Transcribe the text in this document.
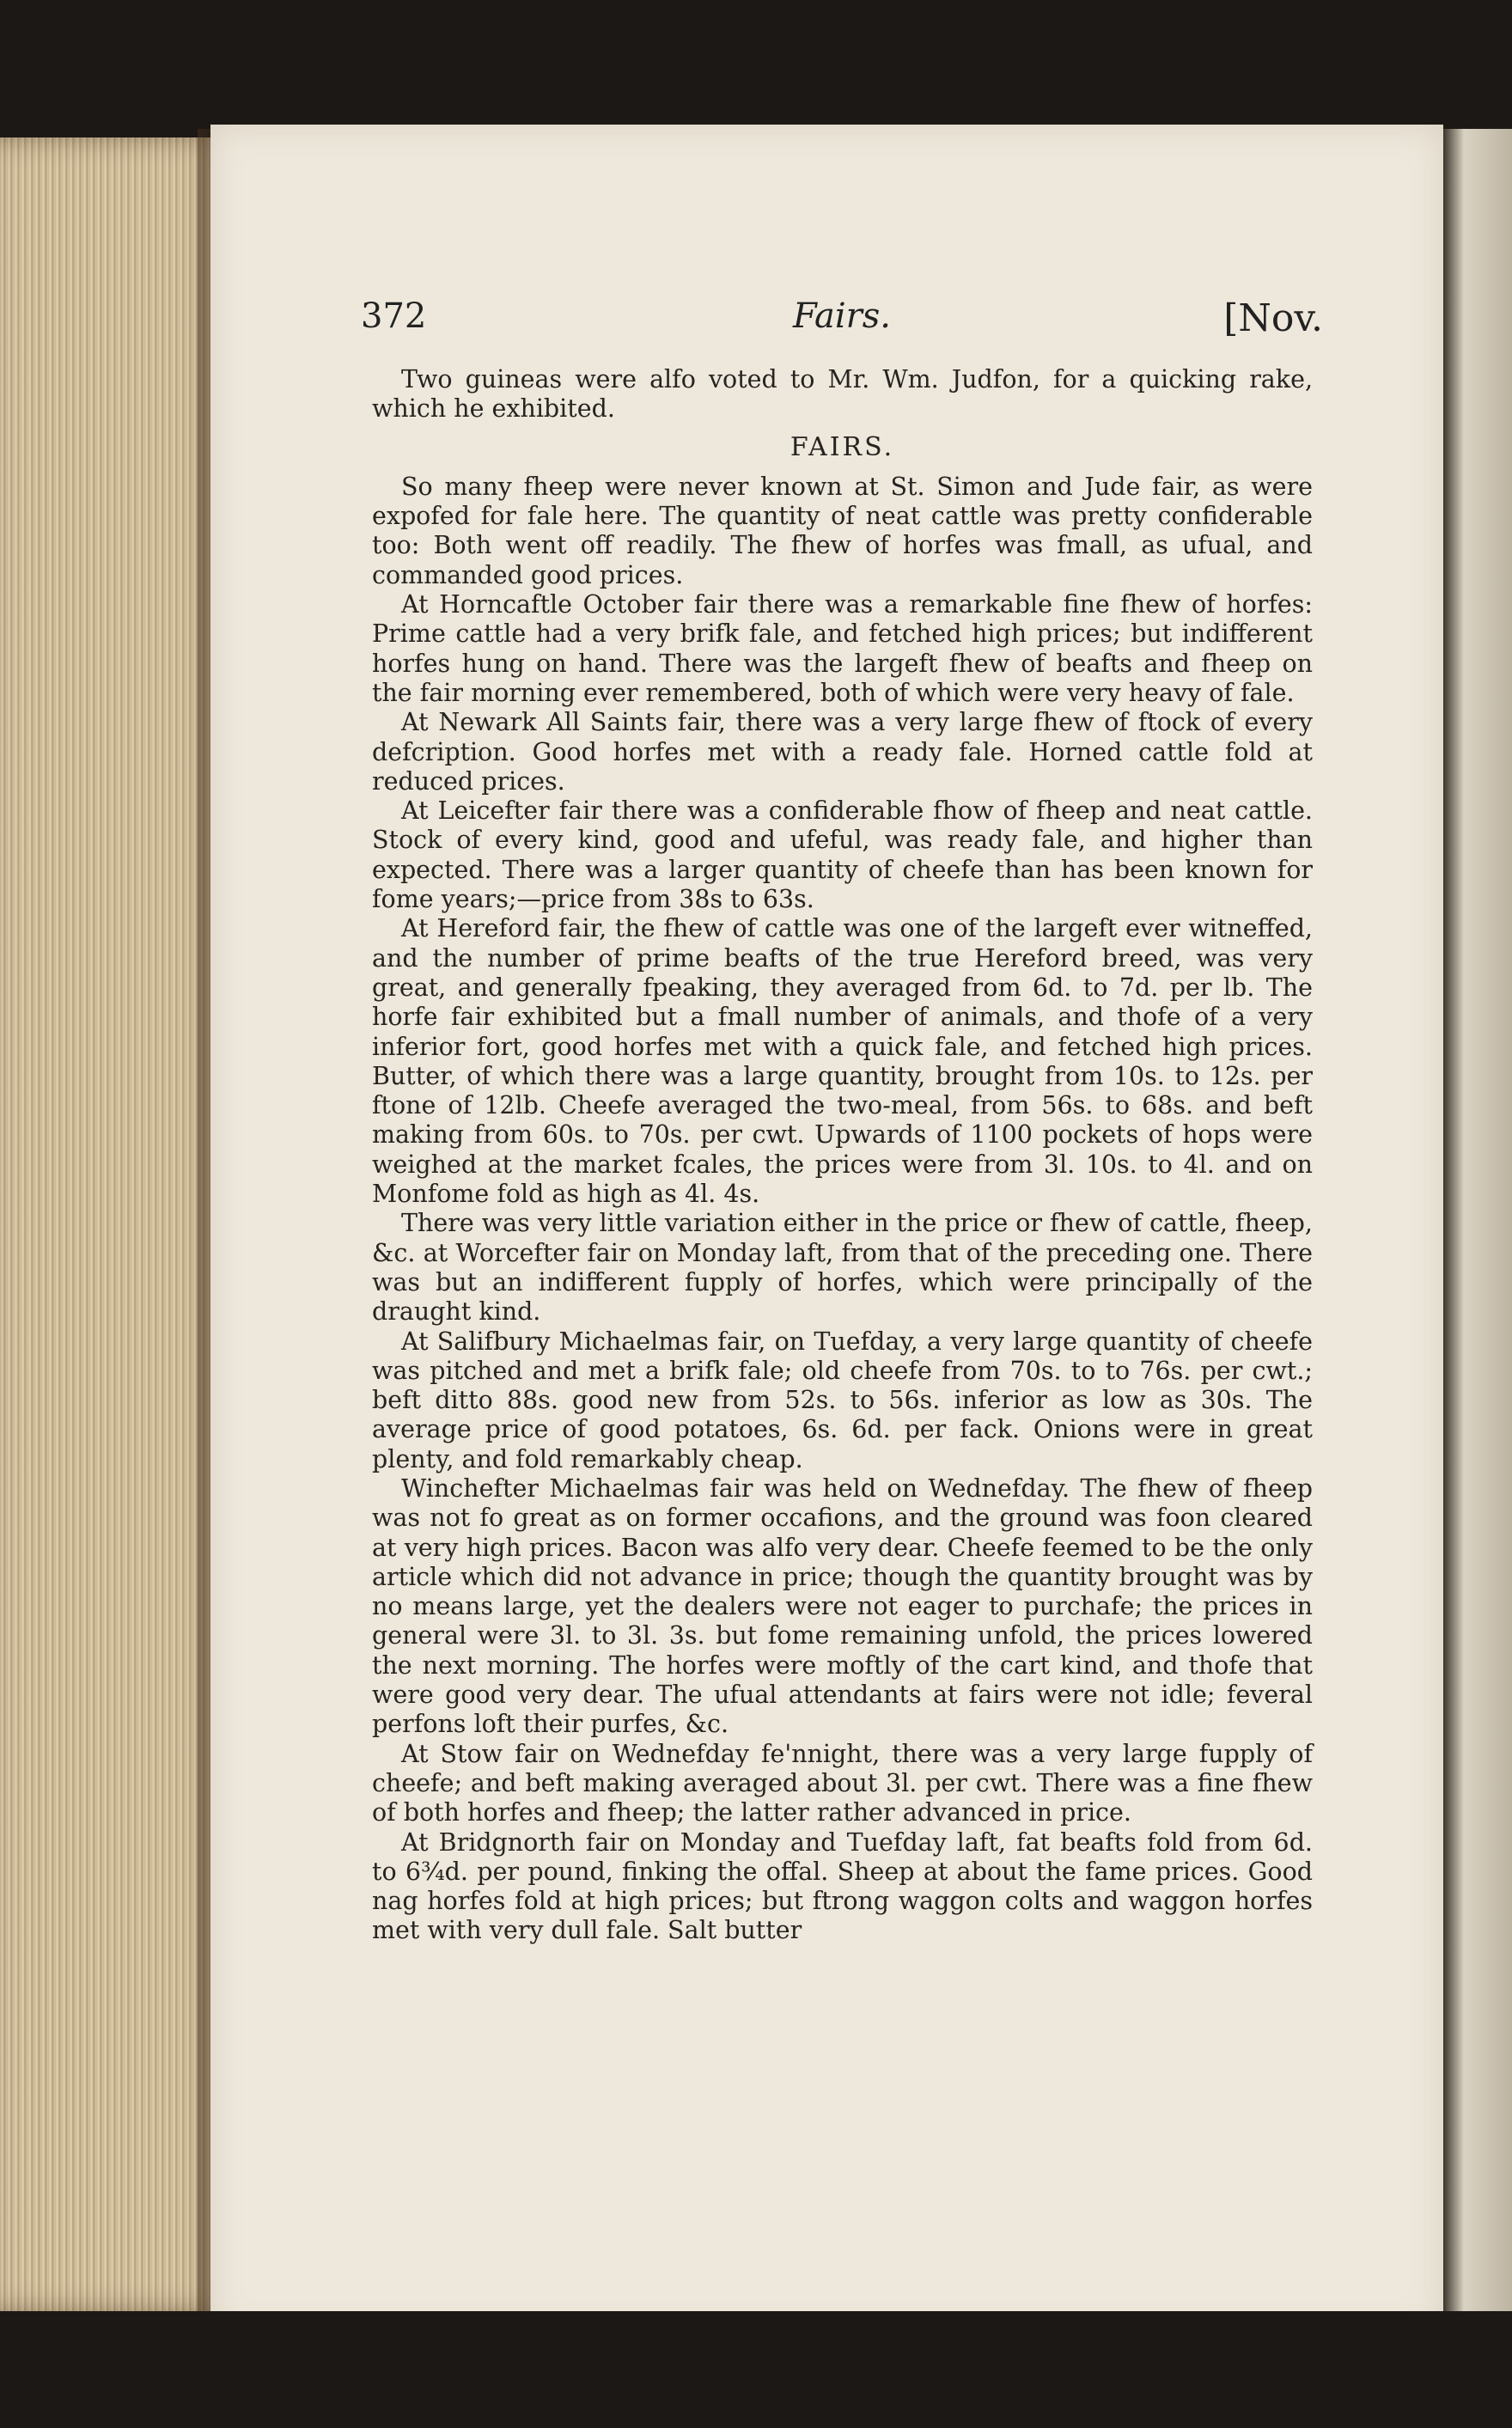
372	Fairs.	[Nov.

Two guineas were alfo voted to Mr. Wm. Judfon, for a quicking rake, which he exhibited.

FAIRS.

So many fheep were never known at St. Simon and Jude fair, as were expofed for fale here. The quantity of neat cattle was pretty confiderable too: Both went off readily. The fhew of horfes was fmall, as ufual, and commanded good prices.

At Horncaftle October fair there was a remarkable fine fhew of horfes: Prime cattle had a very brifk fale, and fetched high prices; but indifferent horfes hung on hand. There was the largeft fhew of beafts and fheep on the fair morning ever remembered, both of which were very heavy of fale.

At Newark All Saints fair, there was a very large fhew of ftock of every defcription. Good horfes met with a ready fale. Horned cattle fold at reduced prices.

At Leicefter fair there was a confiderable fhow of fheep and neat cattle. Stock of every kind, good and ufeful, was ready fale, and higher than expected. There was a larger quantity of cheefe than has been known for fome years;—price from 38s to 63s.

At Hereford fair, the fhew of cattle was one of the largeft ever witneffed, and the number of prime beafts of the true Hereford breed, was very great, and generally fpeaking, they averaged from 6d. to 7d. per lb. The horfe fair exhibited but a fmall number of animals, and thofe of a very inferior fort, good horfes met with a quick fale, and fetched high prices. Butter, of which there was a large quantity, brought from 10s. to 12s. per ftone of 12lb. Cheefe averaged the two-meal, from 56s. to 68s. and beft making from 60s. to 70s. per cwt. Upwards of 1100 pockets of hops were weighed at the market fcales, the prices were from 3l. 10s. to 4l. and on Monfome fold as high as 4l. 4s.

There was very little variation either in the price or fhew of cattle, fheep, &c. at Worcefter fair on Monday laft, from that of the preceding one. There was but an indifferent fupply of horfes, which were principally of the draught kind.

At Salifbury Michaelmas fair, on Tuefday, a very large quantity of cheefe was pitched and met a brifk fale; old cheefe from 70s. to to 76s. per cwt.; beft ditto 88s. good new from 52s. to 56s. inferior as low as 30s. The average price of good potatoes, 6s. 6d. per fack. Onions were in great plenty, and fold remarkably cheap.

Winchefter Michaelmas fair was held on Wednefday. The fhew of fheep was not fo great as on former occafions, and the ground was foon cleared at very high prices. Bacon was alfo very dear. Cheefe feemed to be the only article which did not advance in price; though the quantity brought was by no means large, yet the dealers were not eager to purchafe; the prices in general were 3l. to 3l. 3s. but fome remaining unfold, the prices lowered the next morning. The horfes were moftly of the cart kind, and thofe that were good very dear. The ufual attendants at fairs were not idle; feveral perfons loft their purfes, &c.

At Stow fair on Wednefday fe'nnight, there was a very large fupply of cheefe; and beft making averaged about 3l. per cwt. There was a fine fhew of both horfes and fheep; the latter rather advanced in price.

At Bridgnorth fair on Monday and Tuefday laft, fat beafts fold from 6d. to 6¾d. per pound, finking the offal. Sheep at about the fame prices. Good nag horfes fold at high prices; but ftrong waggon colts and waggon horfes met with very dull fale. Salt butter
